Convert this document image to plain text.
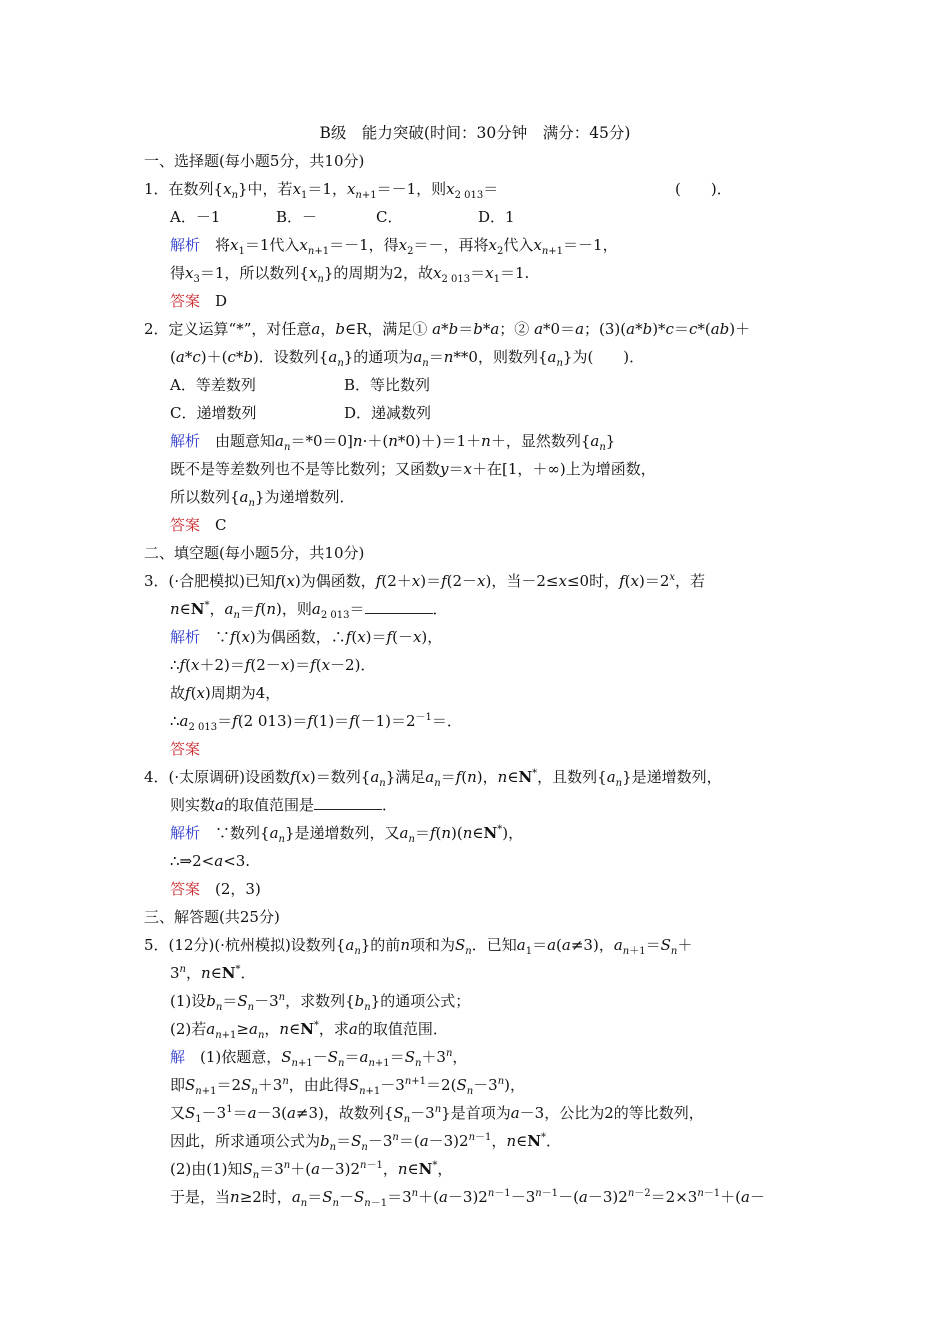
B级　能力突破(时间：30分钟　满分：45分)
一、选择题(每小题5分，共10分)
1．在数列$\{x_n\}$中，若$x_1=1$，$x_{n+1}=-1$，则$x_{2 013}=$	(　　)．
A．－1	B．－	C．	D．1
解析　将$x_1=1$代入$x_{n+1}=-1$，得$x_2=-$，再将$x_2$代入$x_{n+1}=-1$，
得$x_3=1$，所以数列$\{x_n\}$的周期为2，故$x_{2 013}=x_1=1$.
答案　 D
2．定义运算“*”，对任意a，b∈R，满足① a*b＝b*a；② a*0＝a；(3)(a*b)*c＝c*(ab)＋
(a*c)＋(c*b)．设数列$\{a_n\}$的通项为$a_n=n**0$，则数列$\{a_n\}$为(　　)．
A．等差数列	B．等比数列
C．递增数列	D．递减数列
解析　由题意知$a_n=*0=0]n\cdot+(n*0)+)=1+n+$，显然数列$\{a_n\}$
既不是等差数列也不是等比数列；又函数y＝x＋在[1，＋∞)上为增函数，
所以数列$\{a_n\}$为递增数列．
答案　 C
二、填空题(每小题5分，共10分)
3．(·合肥模拟)已知f(x)为偶函数，f(2＋x)＝f(2－x)，当－2≤x≤0时，$f(x)=2^x$，若
n∈N*，$a_n=f(n)$，则$a_{2 013}=$	．
解析　∵f(x)为偶函数，∴f(x)＝f(－x)，
∴f(x＋2)＝f(2－x)＝f(x－2)．
故f(x)周期为4，
$\therefore a_{2 013}=f(2$ $013)=f(1)=f(-1)=2^{-1}=$．
答案
4．(·太原调研)设函数f(x)＝数列$\{a_n\}$满足$a_n=f(n)$，n∈N*，且数列$\{a_n\}$是递增数列，
则实数a的取值范围是	．
解析　∵数列$\{a_n\}$是递增数列，又$a_n=f(n)(n\in N^*)$，
∴⇒2<a<3.
答案　 (2，3)
三、解答题(共25分)
5．(12分)(·杭州模拟)设数列$\{a_n\}$的前n项和为$S_n$．已知$a_1=a(a\ne 3)$，$a_{n+1}=S_n+$
$3^n$，n∈N*．
(1)设$b_n=S_n-3^n$，求数列$\{b_n\}$的通项公式；
(2)若$a_{n+1}\ge a_n$，n∈N*，求a的取值范围．
解　(1)依题意，$S_{n+1}-S_n=a_{n+1}=S_n+3^n$，
即$S_{n+1}=2S_n+3^n$，由此得$S_{n+1}-3^{n+1}=2(S_n-3^n)$，
又$S_1-3^1=a-3(a\ne 3)$，故数列$\{S_n-3^n\}$是首项为a－3，公比为2的等比数列，
因此，所求通项公式为$b_n=S_n-3^n=(a-3)2^{n-1}$，n∈N*．
(2)由(1)知$S_n=3^n+(a-3)2^{n-1}$，n∈N*，
于是，当n≥2时，$a_n=S_n-S_{n-1}=3^n+(a-3)2^{n-1}-3^{n-1}-(a-3)2^{n-2}=2\times 3^{n-1}+(a-$
